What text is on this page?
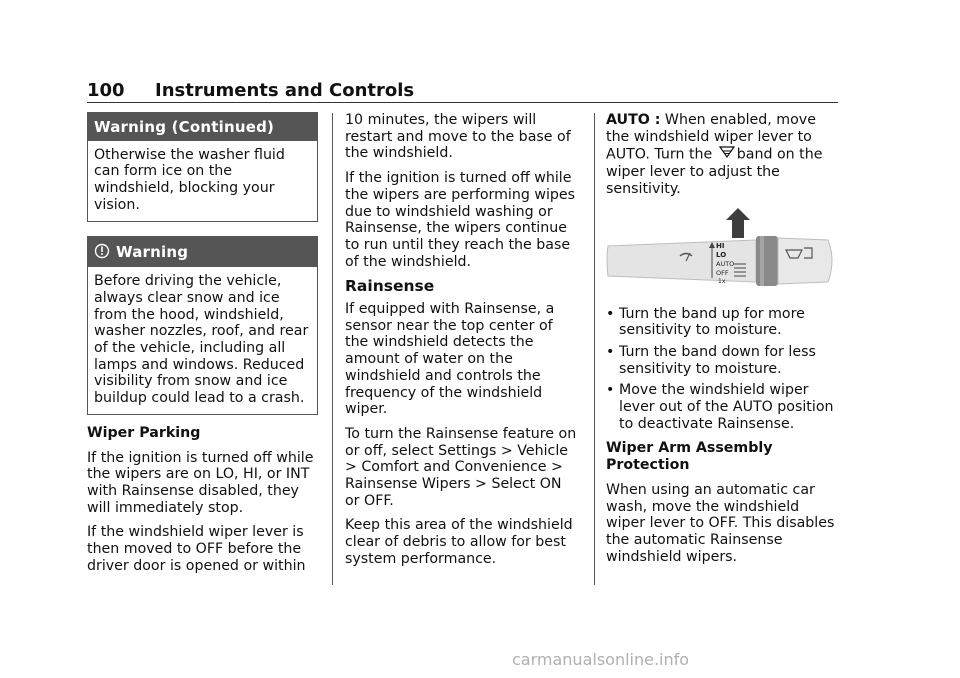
100 Instruments and Controls
Warning (Continued)
Otherwise the washer fluid can form ice on the windshield, blocking your vision.
Warning
Before driving the vehicle, always clear snow and ice from the hood, windshield, washer nozzles, roof, and rear of the vehicle, including all lamps and windows. Reduced visibility from snow and ice buildup could lead to a crash.

Wiper Parking

If the ignition is turned off while the wipers are on LO, HI, or INT with Rainsense disabled, they will immediately stop.

If the windshield wiper lever is then moved to OFF before the driver door is opened or within

10 minutes, the wipers will restart and move to the base of the windshield.

If the ignition is turned off while the wipers are performing wipes due to windshield washing or Rainsense, the wipers continue to run until they reach the base of the windshield.

Rainsense

If equipped with Rainsense, a sensor near the top center of the windshield detects the amount of water on the windshield and controls the frequency of the windshield wiper.

To turn the Rainsense feature on or off, select Settings > Vehicle > Comfort and Convenience > Rainsense Wipers > Select ON or OFF.

Keep this area of the windshield clear of debris to allow for best system performance.

AUTO : When enabled, move the windshield wiper lever to AUTO. Turn the band on the wiper lever to adjust the sensitivity.

HI
LO
AUTO
OFF
1x
• Turn the band up for more sensitivity to moisture.
• Turn the band down for less sensitivity to moisture.
• Move the windshield wiper lever out of the AUTO position to deactivate Rainsense.

Wiper Arm Assembly Protection

When using an automatic car wash, move the windshield wiper lever to OFF. This disables the automatic Rainsense windshield wipers.

carmanualsonline.info
